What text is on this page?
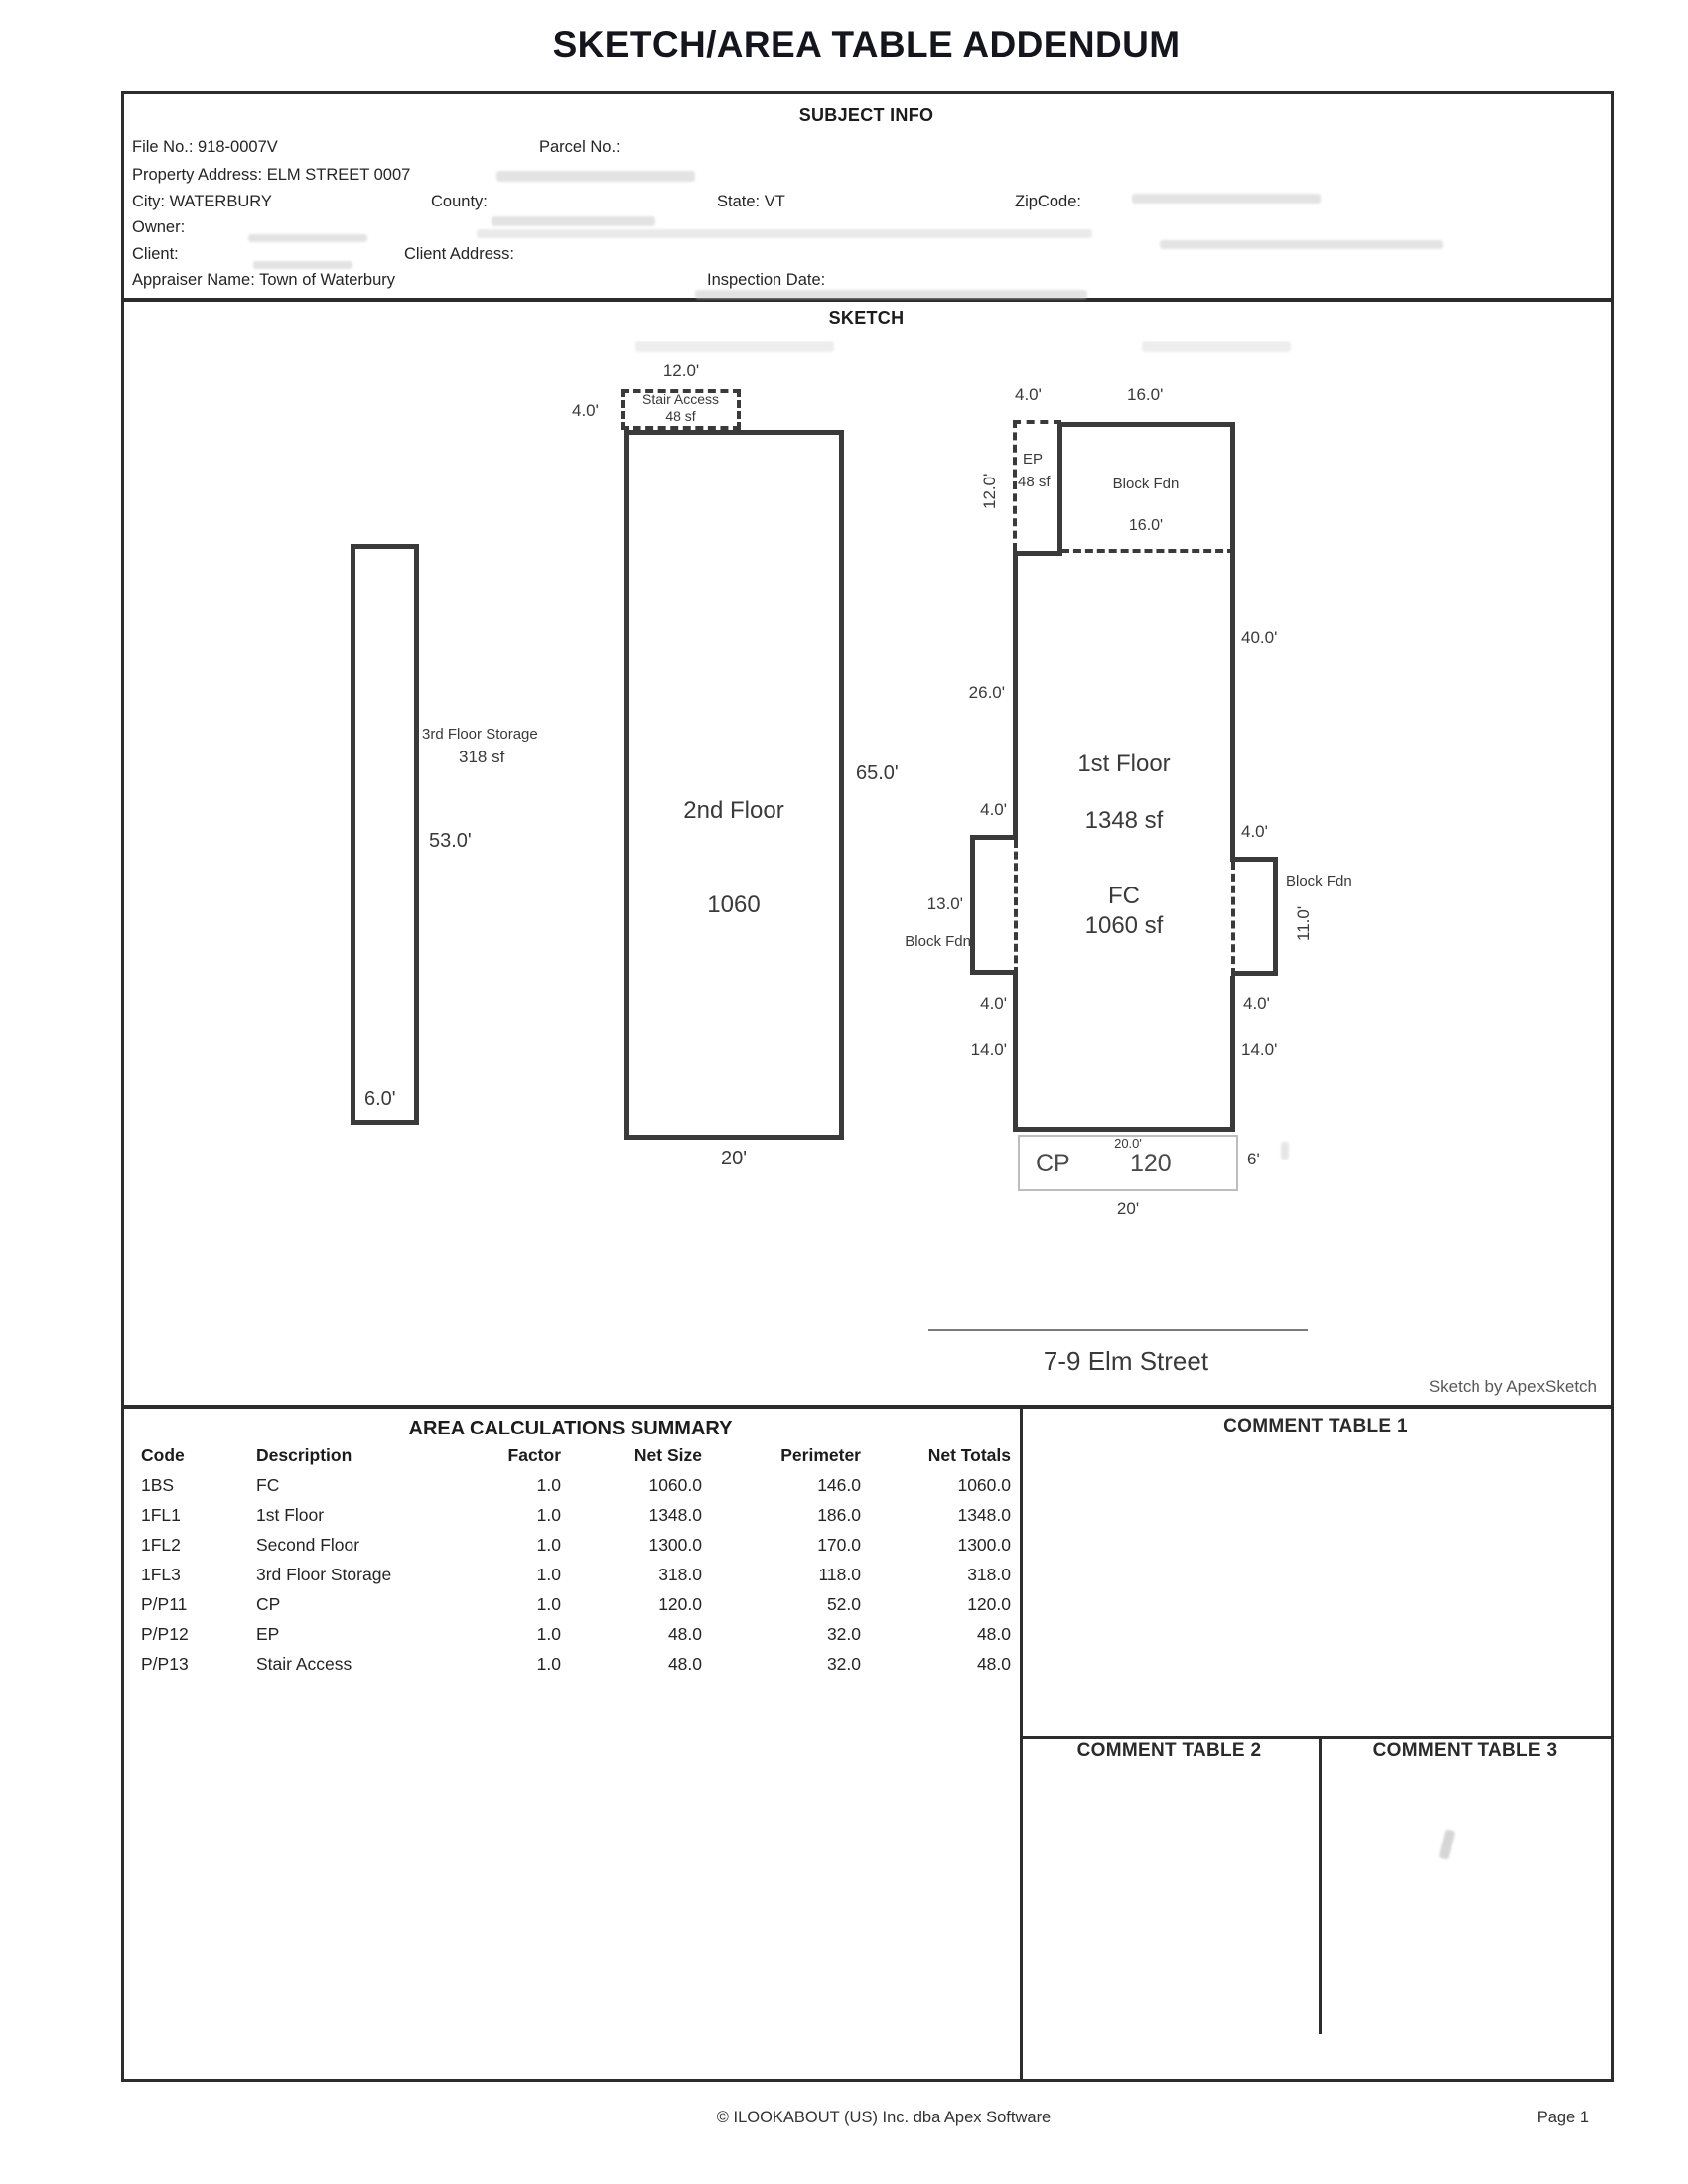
SKETCH/AREA TABLE ADDENDUM
SUBJECT INFO
File No.: 918-0007V	Parcel No.:
Property Address: ELM STREET 0007
City: WATERBURY	County:	State: VT	ZipCode:
Owner:
Client:	Client Address:
Appraiser Name: Town of Waterbury	Inspection Date:
SKETCH
3rd Floor Storage
318 sf
53.0'
6.0'
12.0'
4.0'
Stair Access
48 sf
2nd Floor
1060
65.0'
20'
4.0'	16.0'
12.0'
EP
48 sf	Block Fdn
16.0'
26.0'
40.0'
1st Floor
1348 sf
FC
1060 sf
4.0'
13.0'
Block Fdn
4.0'
14.0'
4.0'
Block Fdn
11.0'
4.0'
14.0'
20.0'
CP 120	6'
20'
7-9 Elm Street
Sketch by ApexSketch
AREA CALCULATIONS SUMMARY
Code	Description	Factor	Net Size	Perimeter	Net Totals
1BS	FC	1.0	1060.0	146.0	1060.0
1FL1	1st Floor	1.0	1348.0	186.0	1348.0
1FL2	Second Floor	1.0	1300.0	170.0	1300.0
1FL3	3rd Floor Storage	1.0	318.0	118.0	318.0
P/P11	CP	1.0	120.0	52.0	120.0
P/P12	EP	1.0	48.0	32.0	48.0
P/P13	Stair Access	1.0	48.0	32.0	48.0
COMMENT TABLE 1
COMMENT TABLE 2	COMMENT TABLE 3
© ILOOKABOUT (US) Inc. dba Apex Software	Page 1
